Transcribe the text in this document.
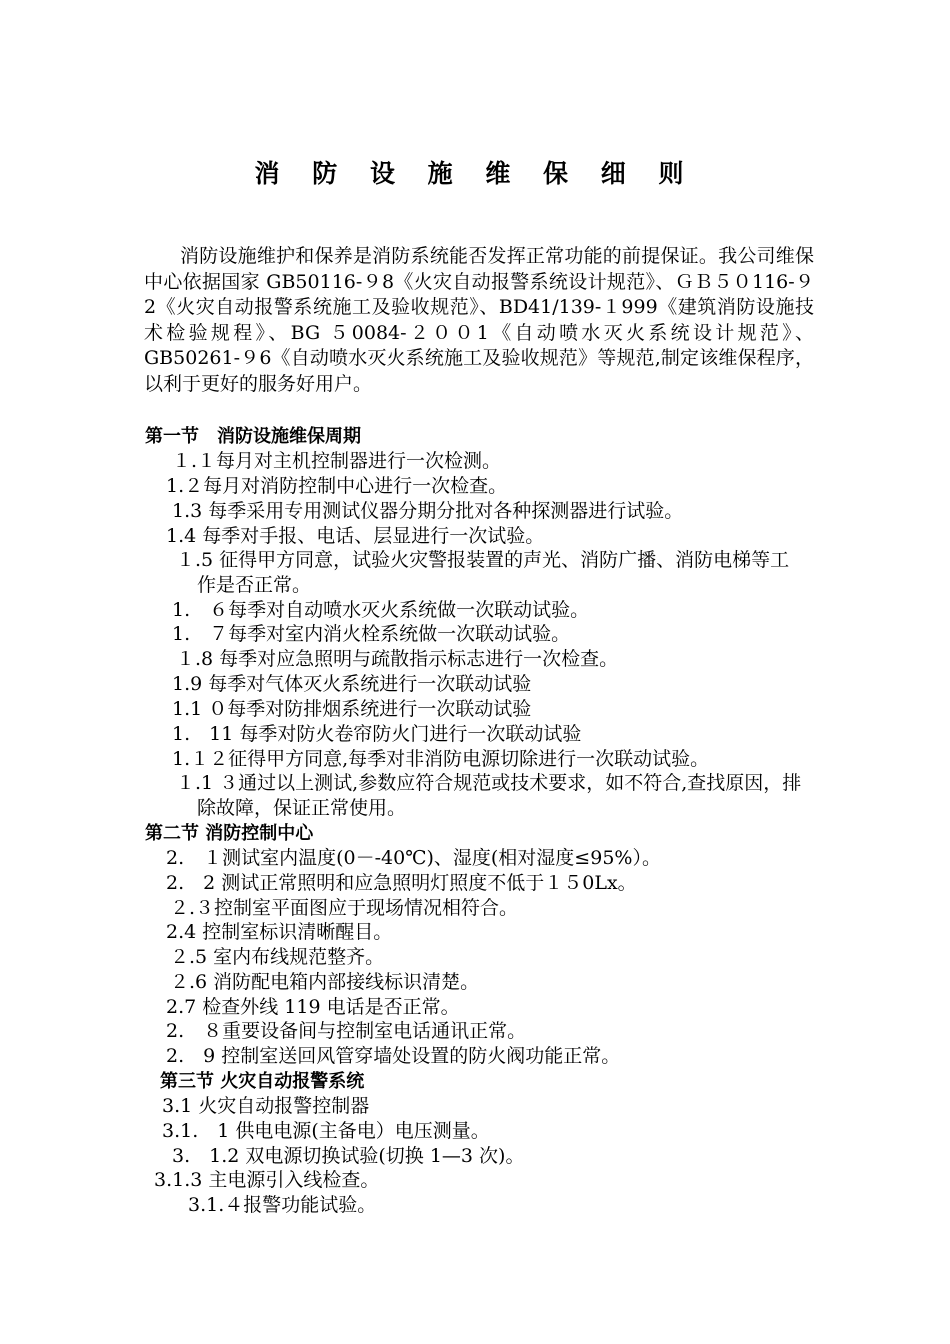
消 防 设 施 维 保 细 则

消防设施维护和保养是消防系统能否发挥正常功能的前提保证。我公司维保中心依据国家 GB50116-９8《火灾自动报警系统设计规范》、ＧＢ５０116-９2《火灾自动报警系统施工及验收规范》、BD41/139-１999《建筑消防设施技术检验规程》、BG ５0084-２００1《自动喷水灭火系统设计规范》、GB50261-９6《自动喷水灭火系统施工及验收规范》等规范,制定该维保程序，以利于更好的服务好用户。

第一节　消防设施维保周期
１.１每月对主机控制器进行一次检测。
1.２每月对消防控制中心进行一次检查。
1.3 每季采用专用测试仪器分期分批对各种探测器进行试验。
1.4 每季对手报、电话、层显进行一次试验。
１.5 征得甲方同意，试验火灾警报装置的声光、消防广播、消防电梯等工作是否正常。
1.　６每季对自动喷水灭火系统做一次联动试验。
1.　７每季对室内消火栓系统做一次联动试验。
１.8 每季对应急照明与疏散指示标志进行一次检查。
1.9 每季对气体灭火系统进行一次联动试验
1.1 ０每季对防排烟系统进行一次联动试验
1.　11 每季对防火卷帘防火门进行一次联动试验
1.１２征得甲方同意,每季对非消防电源切除进行一次联动试验。
１.1 ３通过以上测试,参数应符合规范或技术要求，如不符合,查找原因，排除故障，保证正常使用。
第二节 消防控制中心
2.　１测试室内温度(0－-40℃)、湿度(相对湿度≤95%）。
2.　2 测试正常照明和应急照明灯照度不低于１５0Lx。
２.３控制室平面图应于现场情况相符合。
2.4 控制室标识清晰醒目。
２.5 室内布线规范整齐。
２.6 消防配电箱内部接线标识清楚。
2.7 检查外线 119 电话是否正常。
2.　８重要设备间与控制室电话通讯正常。
2.　9 控制室送回风管穿墙处设置的防火阀功能正常。
第三节 火灾自动报警系统
3.1 火灾自动报警控制器
3.1.　1 供电电源(主备电）电压测量。
3.　1.2 双电源切换试验(切换 1—3 次)。
3.1.3 主电源引入线检查。
3.1.４报警功能试验。
